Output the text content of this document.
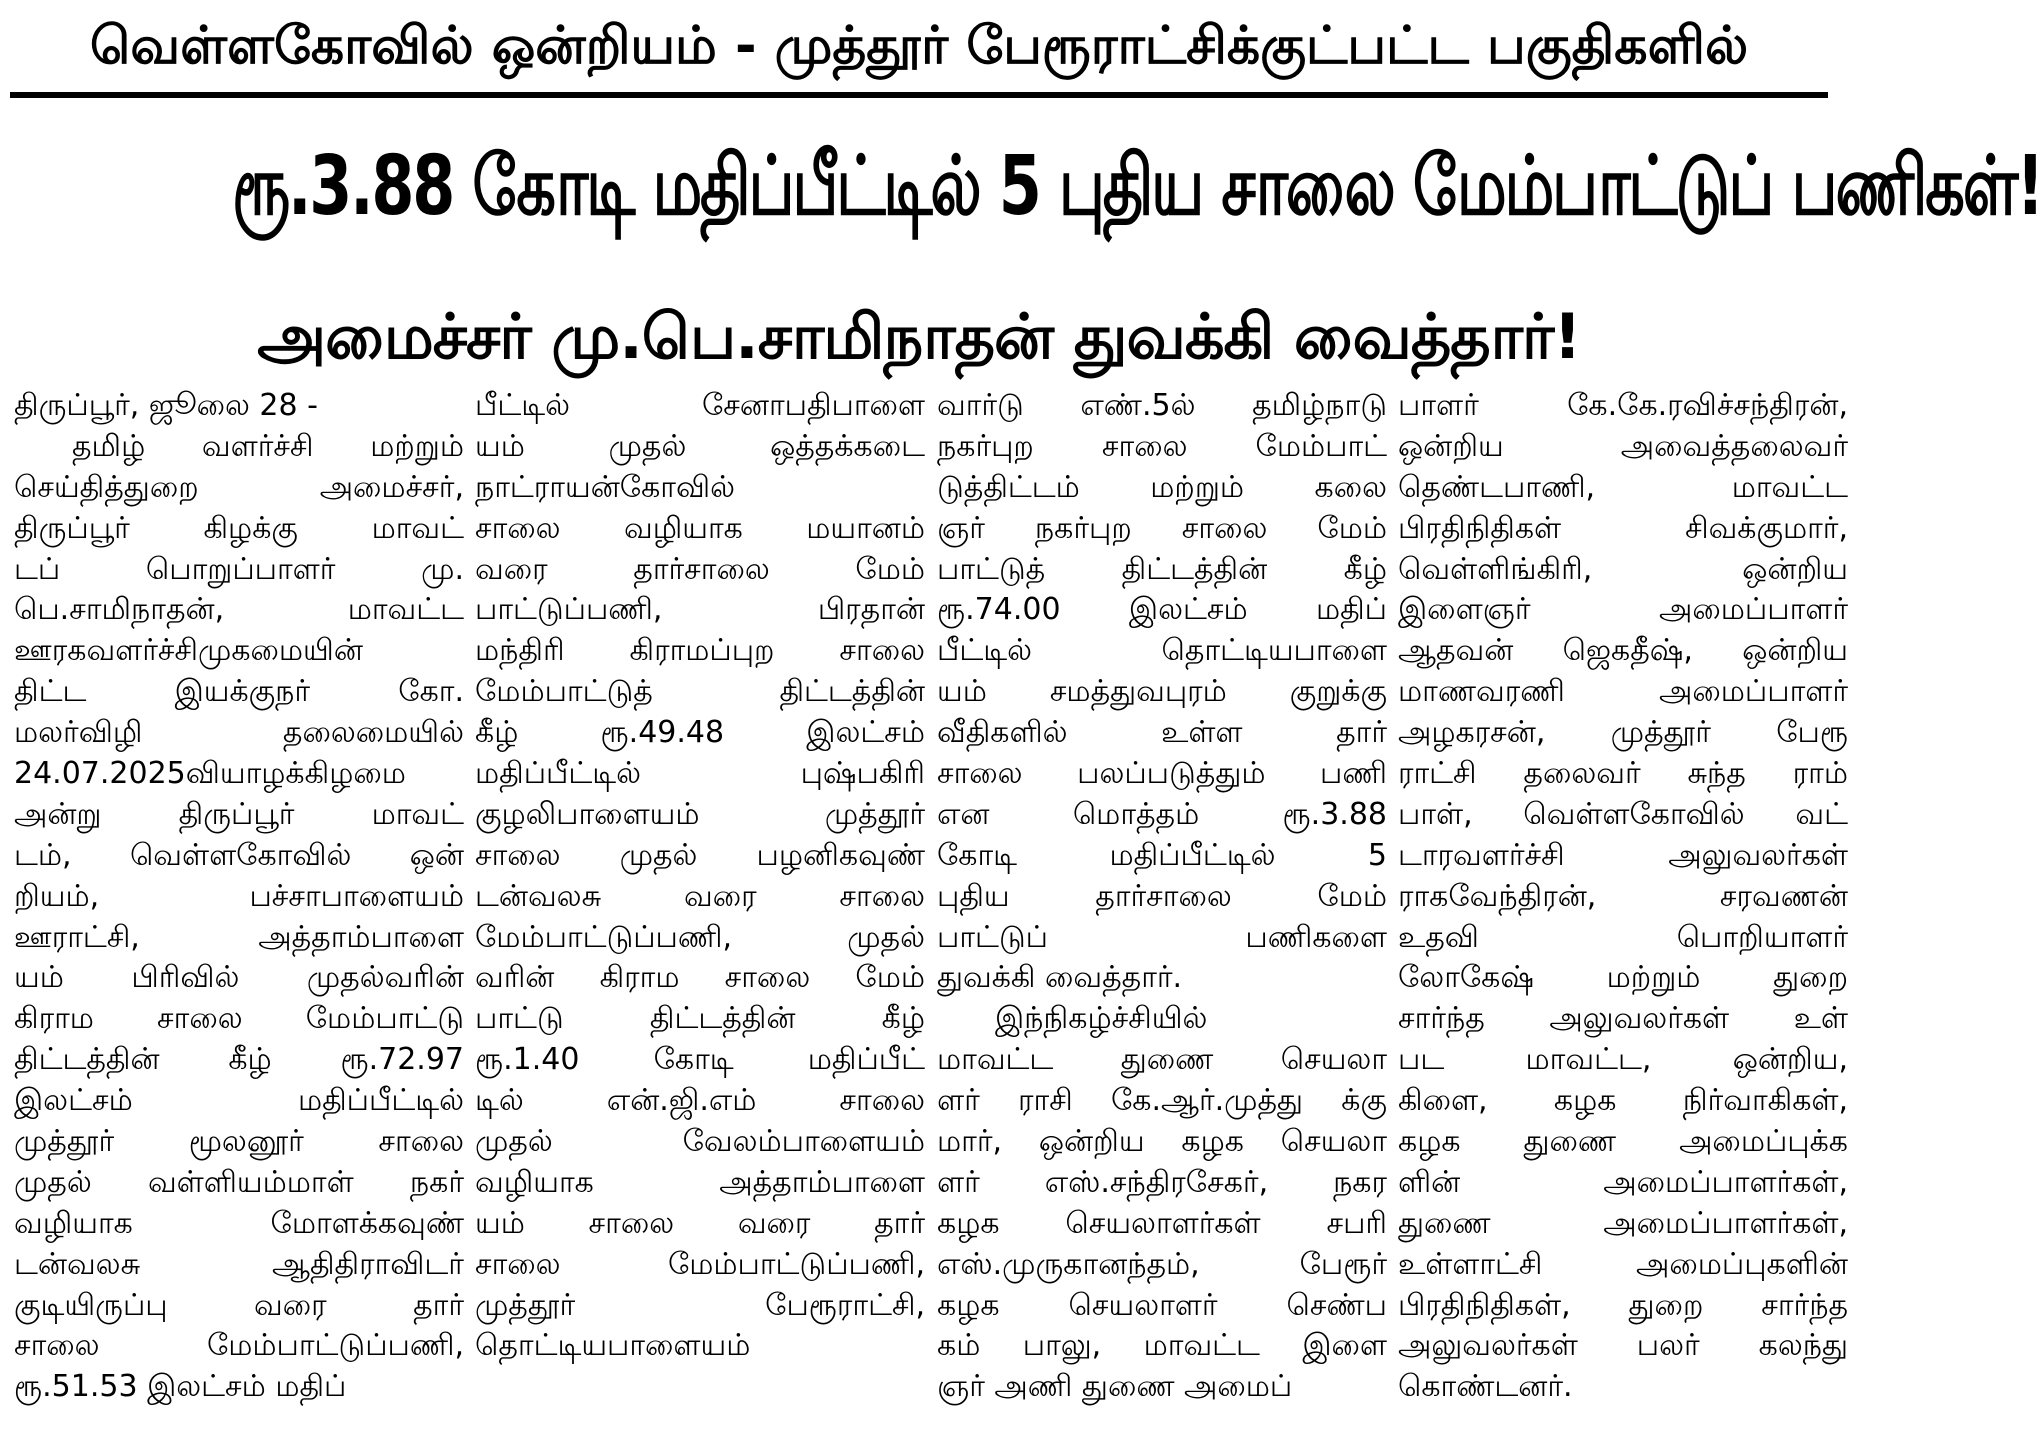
வெள்ளகோவில் ஒன்றியம் - முத்தூர் பேரூராட்சிக்குட்பட்ட பகுதிகளில்
ரூ.3.88 கோடி மதிப்பீட்டில் 5 புதிய சாலை மேம்பாட்டுப் பணிகள்!
அமைச்சர் மு.பெ.சாமிநாதன் துவக்கி வைத்தார்!
திருப்பூர், ஜூலை 28 -
தமிழ் வளர்ச்சி மற்றும்
செய்தித்துறை அமைச்சர்,
திருப்பூர் கிழக்கு மாவட்
டப் பொறுப்பாளர் மு.
பெ.சாமிநாதன், மாவட்ட
ஊரகவளர்ச்சிமுகமையின்
திட்ட இயக்குநர் கோ.
மலர்விழி தலைமையில்
24.07.2025வியாழக்கிழமை
அன்று திருப்பூர் மாவட்
டம், வெள்ளகோவில் ஒன்
றியம், பச்சாபாளையம்
ஊராட்சி, அத்தாம்பாளை
யம் பிரிவில் முதல்வரின்
கிராம சாலை மேம்பாட்டு
திட்டத்தின் கீழ் ரூ.72.97
இலட்சம் மதிப்பீட்டில்
முத்தூர் மூலனூர் சாலை
முதல் வள்ளியம்மாள் நகர்
வழியாக மோளக்கவுண்
டன்வலசு ஆதிதிராவிடர்
குடியிருப்பு வரை தார்
சாலை மேம்பாட்டுப்பணி,
ரூ.51.53 இலட்சம் மதிப்
பீட்டில் சேனாபதிபாளை
யம் முதல் ஒத்தக்கடை
நாட்ராயன்கோவில்
சாலை வழியாக மயானம்
வரை தார்சாலை மேம்
பாட்டுப்பணி, பிரதான்
மந்திரி கிராமப்புற சாலை
மேம்பாட்டுத் திட்டத்தின்
கீழ் ரூ.49.48 இலட்சம்
மதிப்பீட்டில் புஷ்பகிரி
குழலிபாளையம் முத்தூர்
சாலை முதல் பழனிகவுண்
டன்வலசு வரை சாலை
மேம்பாட்டுப்பணி, முதல்
வரின் கிராம சாலை மேம்
பாட்டு திட்டத்தின் கீழ்
ரூ.1.40 கோடி மதிப்பீட்
டில் என்.ஜி.எம் சாலை
முதல் வேலம்பாளையம்
வழியாக அத்தாம்பாளை
யம் சாலை வரை தார்
சாலை மேம்பாட்டுப்பணி,
முத்தூர் பேரூராட்சி,
தொட்டியபாளையம்
வார்டு எண்.5ல் தமிழ்நாடு
நகர்புற சாலை மேம்பாட்
டுத்திட்டம் மற்றும் கலை
ஞர் நகர்புற சாலை மேம்
பாட்டுத் திட்டத்தின் கீழ்
ரூ.74.00 இலட்சம் மதிப்
பீட்டில் தொட்டியபாளை
யம் சமத்துவபுரம் குறுக்கு
வீதிகளில் உள்ள தார்
சாலை பலப்படுத்தும் பணி
என மொத்தம் ரூ.3.88
கோடி மதிப்பீட்டில் 5
புதிய தார்சாலை மேம்
பாட்டுப் பணிகளை
துவக்கி வைத்தார்.
இந்நிகழ்ச்சியில்
மாவட்ட துணை செயலா
ளர் ராசி கே.ஆர்.முத்து க்கு
மார், ஒன்றிய கழக செயலா
ளர் எஸ்.சந்திரசேகர், நகர
கழக செயலாளர்கள் சபரி
எஸ்.முருகானந்தம், பேரூர்
கழக செயலாளர் செண்ப
கம் பாலு, மாவட்ட இளை
ஞர் அணி துணை அமைப்
பாளர் கே.கே.ரவிச்சந்திரன்,
ஒன்றிய அவைத்தலைவர்
தெண்டபாணி, மாவட்ட
பிரதிநிதிகள் சிவக்குமார்,
வெள்ளிங்கிரி, ஒன்றிய
இளைஞர் அமைப்பாளர்
ஆதவன் ஜெகதீஷ், ஒன்றிய
மாணவரணி அமைப்பாளர்
அழகரசன், முத்தூர் பேரூ
ராட்சி தலைவர் சுந்த ராம்
பாள், வெள்ளகோவில் வட்
டாரவளர்ச்சி அலுவலர்கள்
ராகவேந்திரன், சரவணன்
உதவி பொறியாளர்
லோகேஷ் மற்றும் துறை
சார்ந்த அலுவலர்கள் உள்
பட மாவட்ட, ஒன்றிய,
கிளை, கழக நிர்வாகிகள்,
கழக துணை அமைப்புக்க
ளின் அமைப்பாளர்கள்,
துணை அமைப்பாளர்கள்,
உள்ளாட்சி அமைப்புகளின்
பிரதிநிதிகள், துறை சார்ந்த
அலுவலர்கள் பலர் கலந்து
கொண்டனர்.
